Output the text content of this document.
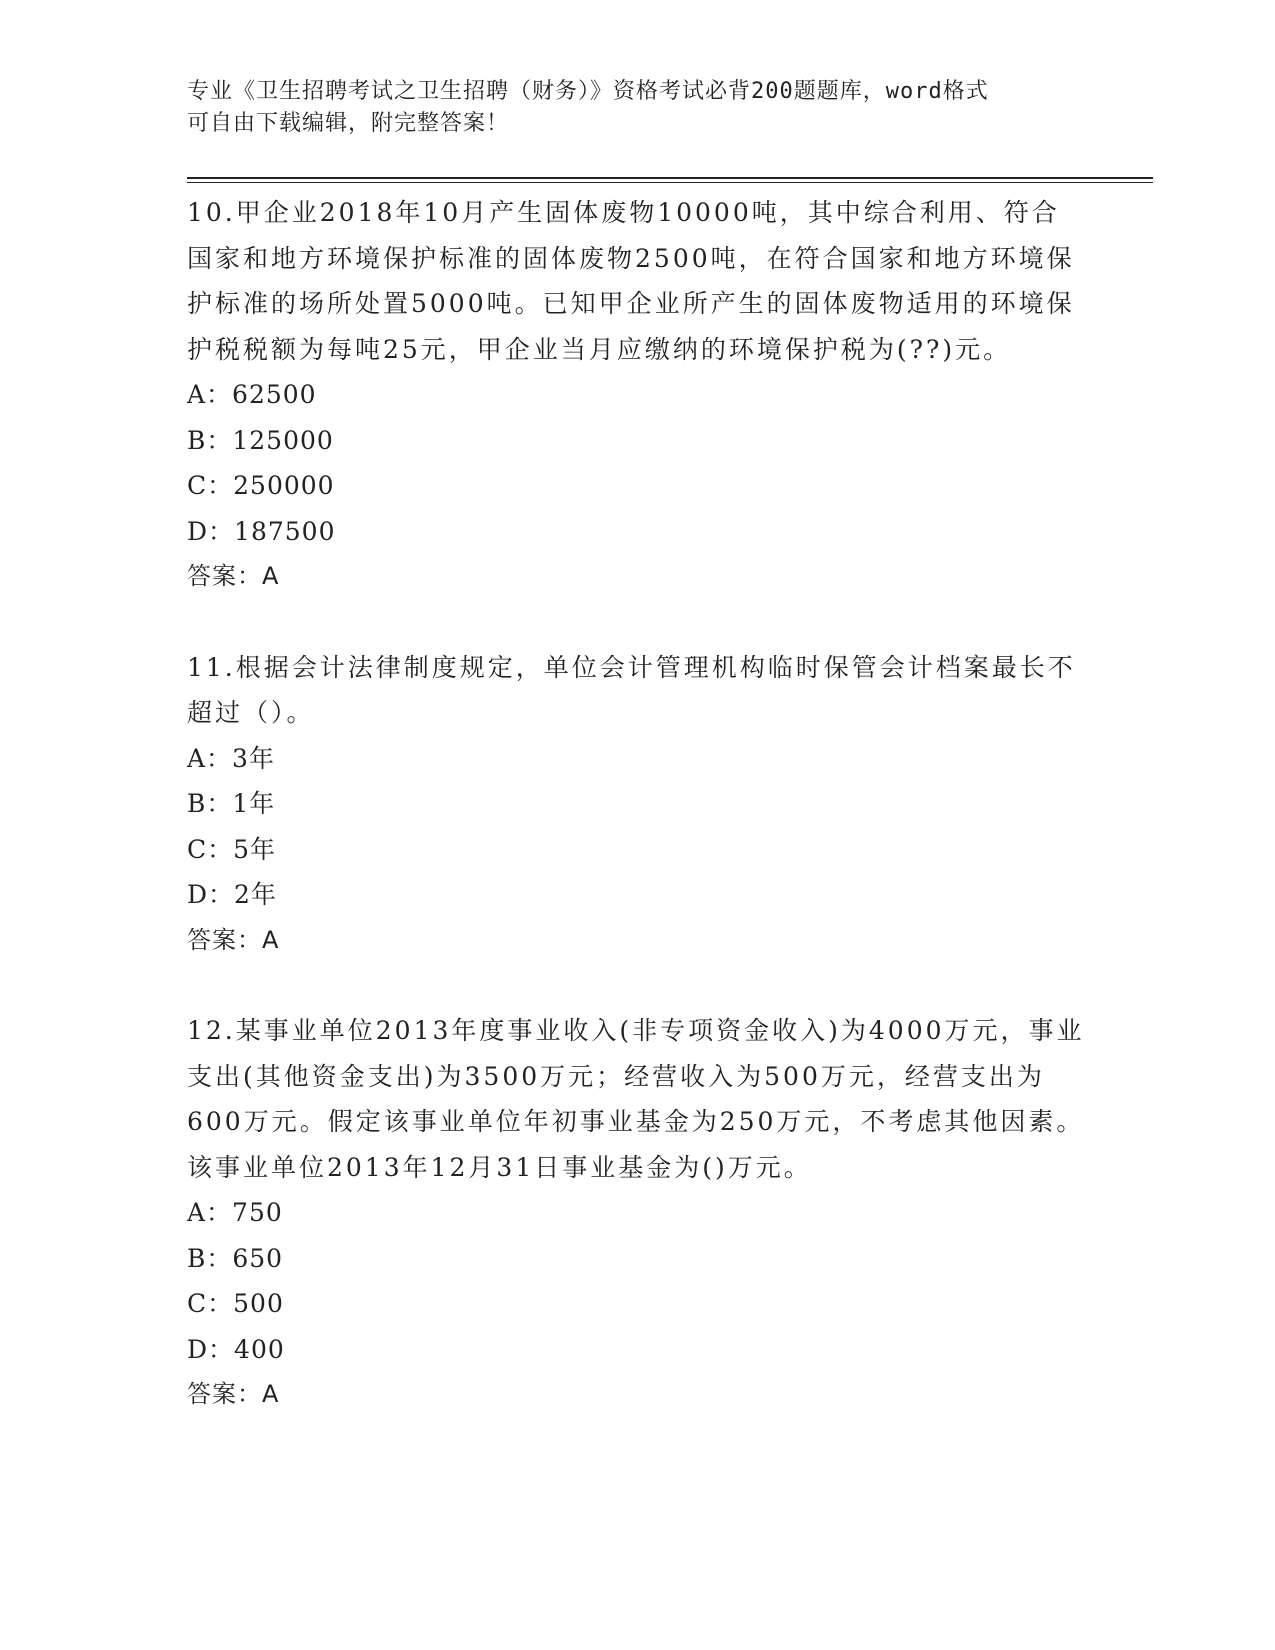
专业《卫生招聘考试之卫生招聘（财务）》资格考试必背200题题库，word格式
可自由下载编辑，附完整答案！

10.甲企业2018年10月产生固体废物10000吨，其中综合利用、符合国家和地方环境保护标准的固体废物2500吨，在符合国家和地方环境保护标准的场所处置5000吨。已知甲企业所产生的固体废物适用的环境保护税税额为每吨25元，甲企业当月应缴纳的环境保护税为(??)元。

A：62500

B：125000

C：250000

D：187500

答案：A

11.根据会计法律制度规定，单位会计管理机构临时保管会计档案最长不超过（）。

A：3年

B：1年

C：5年

D：2年

答案：A

12.某事业单位2013年度事业收入(非专项资金收入)为4000万元，事业支出(其他资金支出)为3500万元；经营收入为500万元，经营支出为600万元。假定该事业单位年初事业基金为250万元，不考虑其他因素。该事业单位2013年12月31日事业基金为()万元。

A：750

B：650

C：500

D：400

答案：A
